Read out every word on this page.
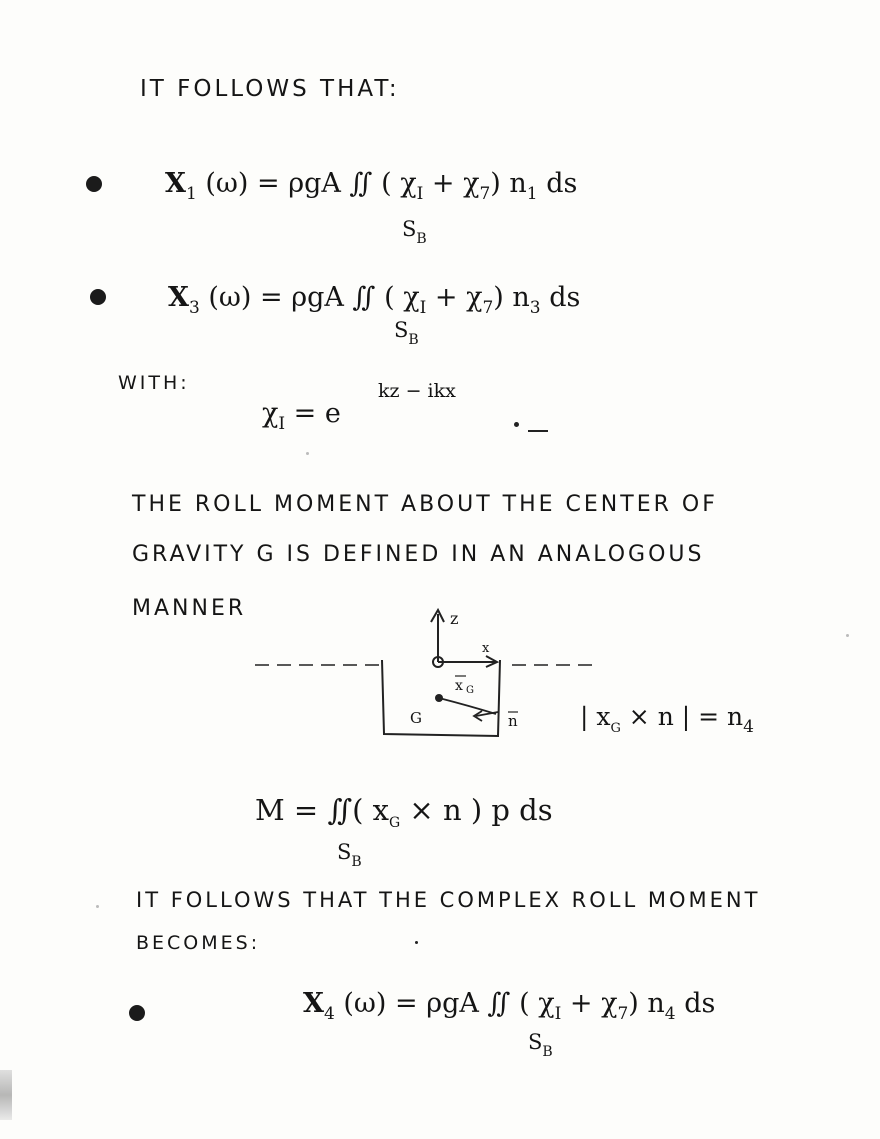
IT FOLLOWS THAT:
$X_1$ (ω) = ρgA ∬ ( $\chi_I + \chi_7$) $n_1$ ds
$S_B$
$X_3$ (ω) = ρgA ∬ ( $\chi_I + \chi_7$) $n_3$ ds
$S_B$
WITH:
$\chi_I = e$
kz − ikx
THE ROLL MOMENT ABOUT THE CENTER OF
GRAVITY G IS DEFINED IN AN ANALOGOUS
MANNER	z
x
x G
G	n | $x_G \times n$ | = $n_4$
M = ∬( $x_G \times n$ ) p ds
$S_B$
IT FOLLOWS THAT THE COMPLEX ROLL MOMENT
BECOMES:
$X_4$ (ω) = ρgA ∬ ( $\chi_I + \chi_7$) $n_4$ ds
$S_B$
